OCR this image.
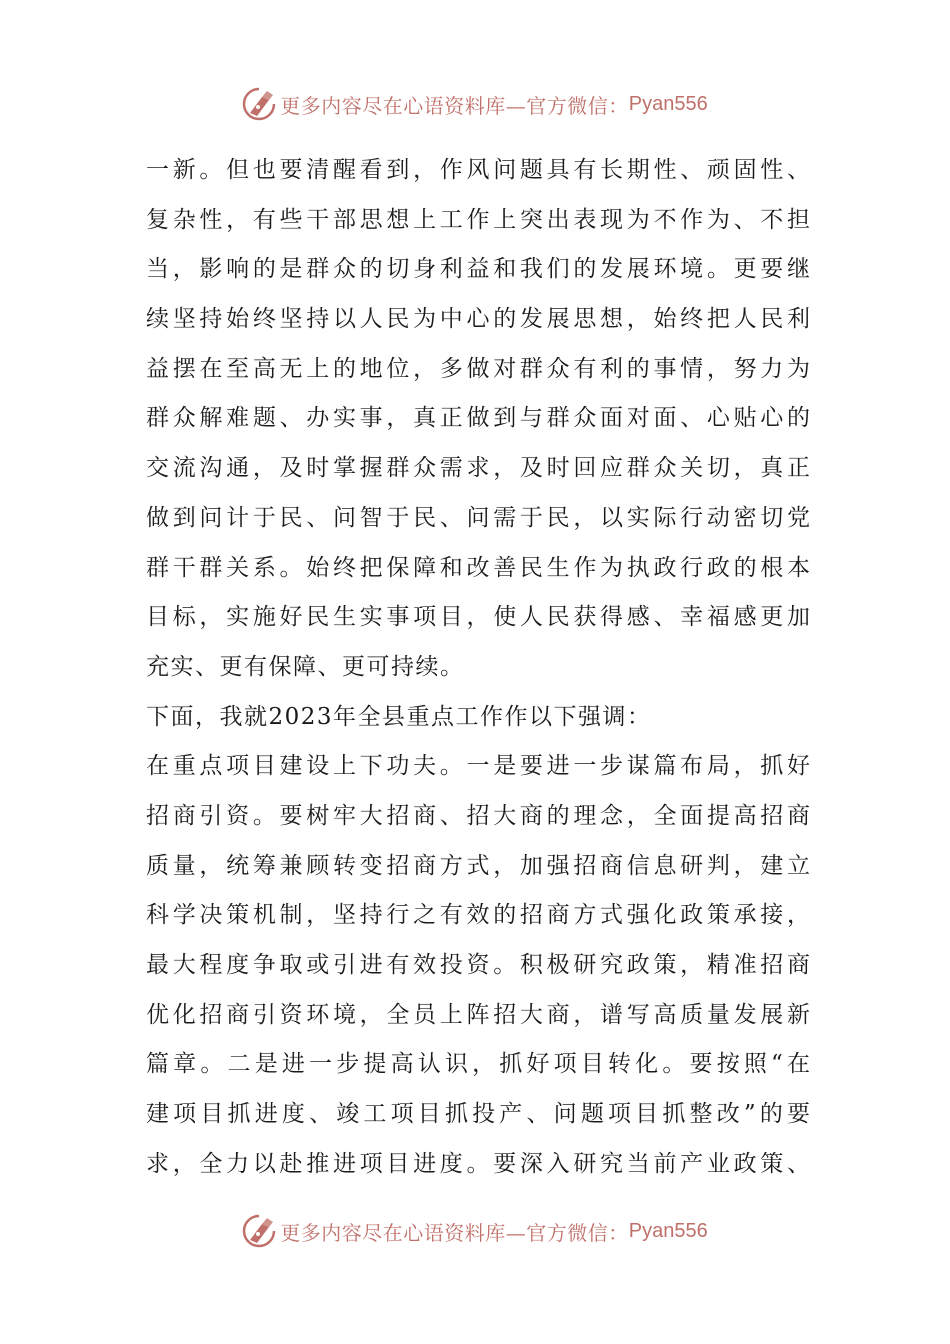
更多内容尽在心语资料库—官方微信： Pyan556
一新。但也要清醒看到，作风问题具有长期性、顽固性、
复杂性，有些干部思想上工作上突出表现为不作为、不担
当，影响的是群众的切身利益和我们的发展环境。更要继
续坚持始终坚持以人民为中心的发展思想，始终把人民利
益摆在至高无上的地位，多做对群众有利的事情，努力为
群众解难题、办实事，真正做到与群众面对面、心贴心的
交流沟通，及时掌握群众需求，及时回应群众关切，真正
做到问计于民、问智于民、问需于民，以实际行动密切党
群干群关系。始终把保障和改善民生作为执政行政的根本
目标，实施好民生实事项目，使人民获得感、幸福感更加
充实、更有保障、更可持续。
下面，我就2023年全县重点工作作以下强调：
在重点项目建设上下功夫。一是要进一步谋篇布局，抓好
招商引资。要树牢大招商、招大商的理念，全面提高招商
质量，统筹兼顾转变招商方式，加强招商信息研判，建立
科学决策机制，坚持行之有效的招商方式强化政策承接，
最大程度争取或引进有效投资。积极研究政策，精准招商
优化招商引资环境，全员上阵招大商，谱写高质量发展新
篇章。二是进一步提高认识，抓好项目转化。要按照“在
建项目抓进度、竣工项目抓投产、问题项目抓整改”的要
求，全力以赴推进项目进度。要深入研究当前产业政策、
更多内容尽在心语资料库—官方微信： Pyan556
